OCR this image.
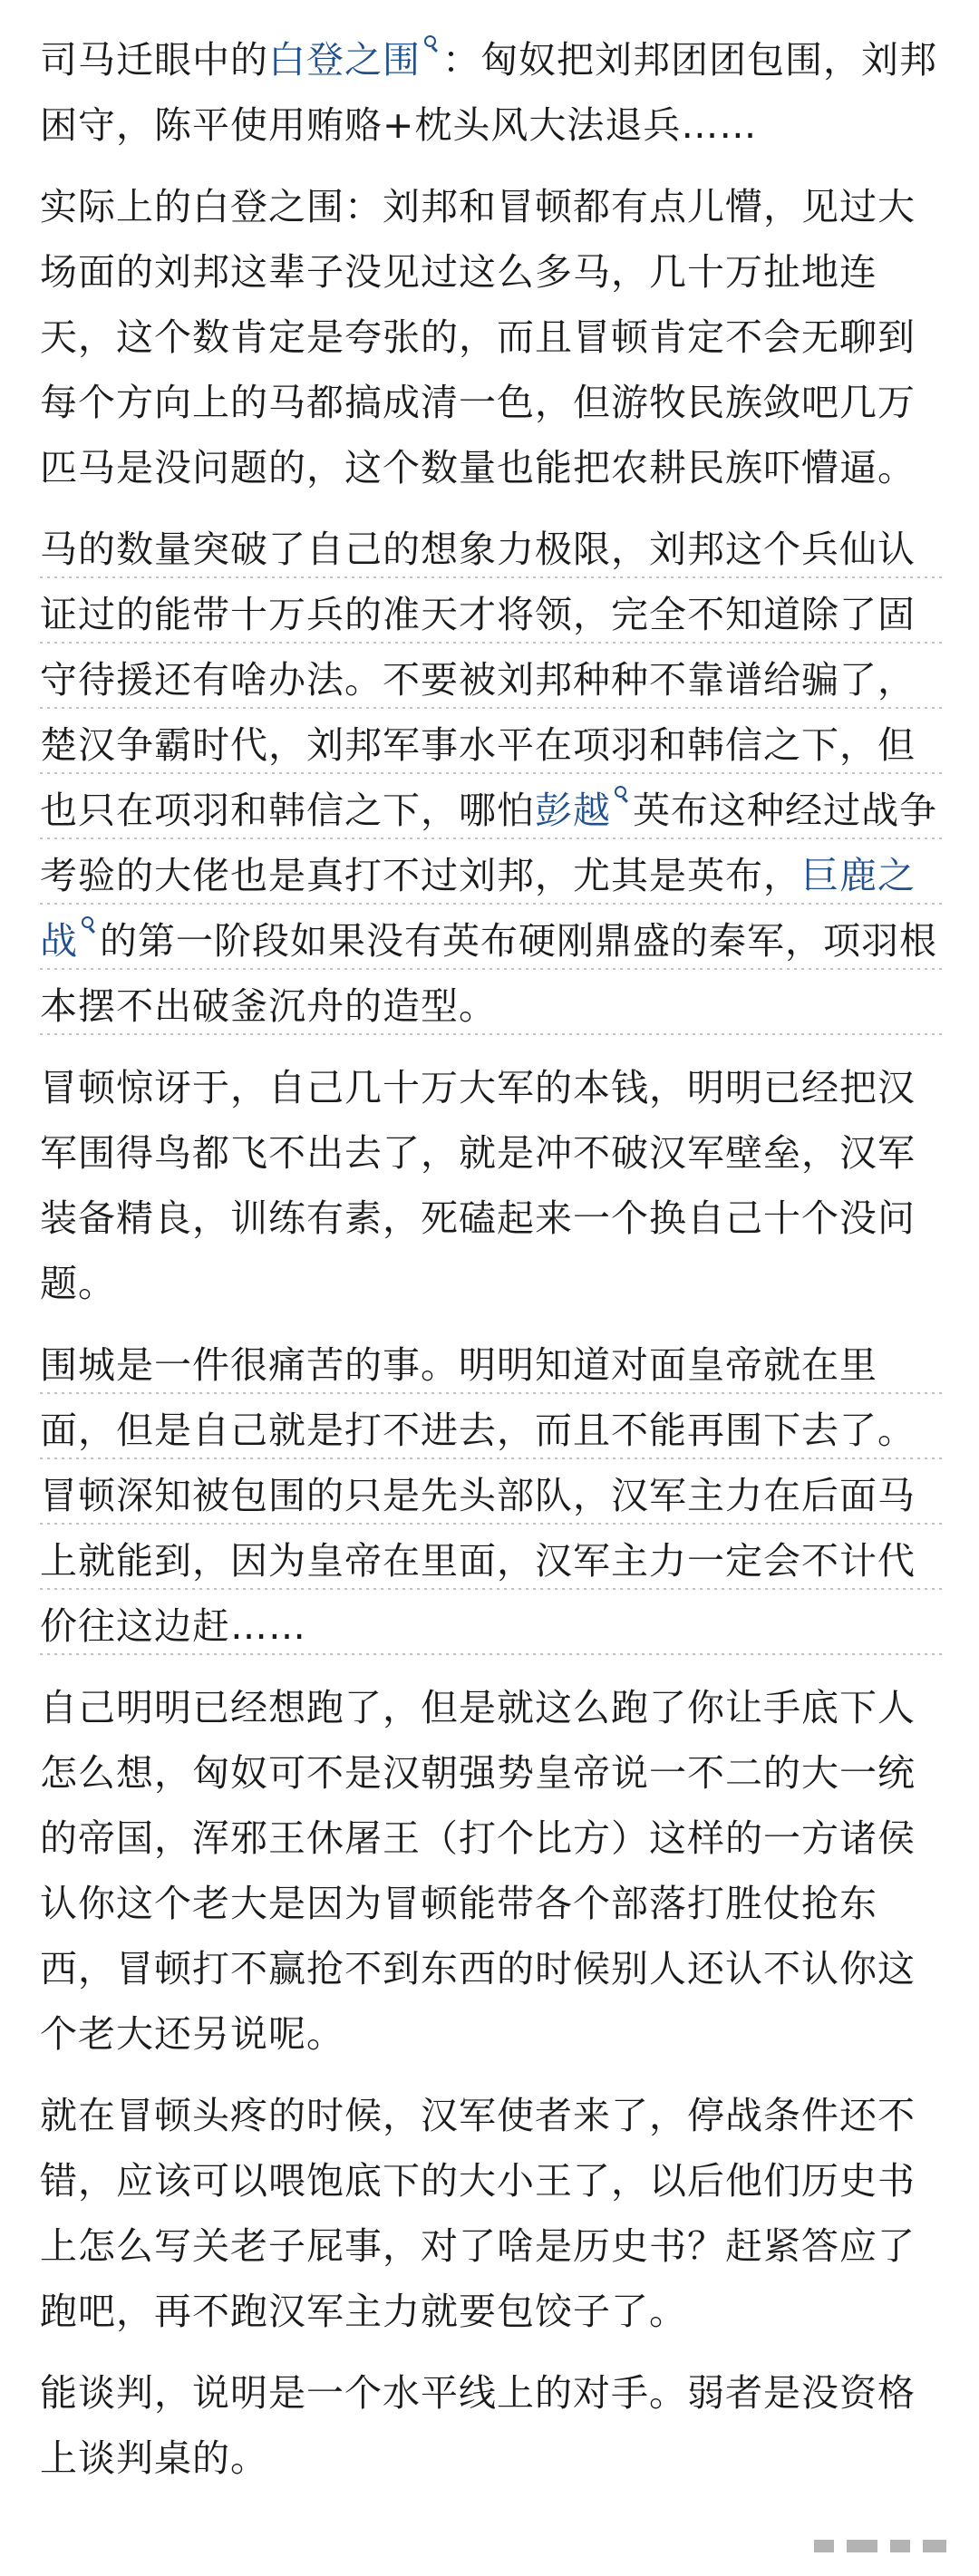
司马迁眼中的白登之围 ：匈奴把刘邦团团包围，刘邦困守，陈平使用贿赂+枕头风大法退兵……

实际上的白登之围：刘邦和冒顿都有点儿懵，见过大场面的刘邦这辈子没见过这么多马，几十万扯地连天，这个数肯定是夸张的，而且冒顿肯定不会无聊到每个方向上的马都搞成清一色，但游牧民族敛吧几万匹马是没问题的，这个数量也能把农耕民族吓懵逼。

马的数量突破了自己的想象力极限，刘邦这个兵仙认证过的能带十万兵的准天才将领，完全不知道除了固守待援还有啥办法。不要被刘邦种种不靠谱给骗了，楚汉争霸时代，刘邦军事水平在项羽和韩信之下，但也只在项羽和韩信之下，哪怕彭越 英布这种经过战争考验的大佬也是真打不过刘邦，尤其是英布，巨鹿之战 的第一阶段如果没有英布硬刚鼎盛的秦军，项羽根本摆不出破釜沉舟的造型。

冒顿惊讶于，自己几十万大军的本钱，明明已经把汉军围得鸟都飞不出去了，就是冲不破汉军壁垒，汉军装备精良，训练有素，死磕起来一个换自己十个没问题。

围城是一件很痛苦的事。明明知道对面皇帝就在里面，但是自己就是打不进去，而且不能再围下去了。冒顿深知被包围的只是先头部队，汉军主力在后面马上就能到，因为皇帝在里面，汉军主力一定会不计代价往这边赶……

自己明明已经想跑了，但是就这么跑了你让手底下人怎么想，匈奴可不是汉朝强势皇帝说一不二的大一统的帝国，浑邪王休屠王（打个比方）这样的一方诸侯认你这个老大是因为冒顿能带各个部落打胜仗抢东西，冒顿打不赢抢不到东西的时候别人还认不认你这个老大还另说呢。

就在冒顿头疼的时候，汉军使者来了，停战条件还不错，应该可以喂饱底下的大小王了，以后他们历史书上怎么写关老子屁事，对了啥是历史书？赶紧答应了跑吧，再不跑汉军主力就要包饺子了。

能谈判，说明是一个水平线上的对手。弱者是没资格上谈判桌的。
